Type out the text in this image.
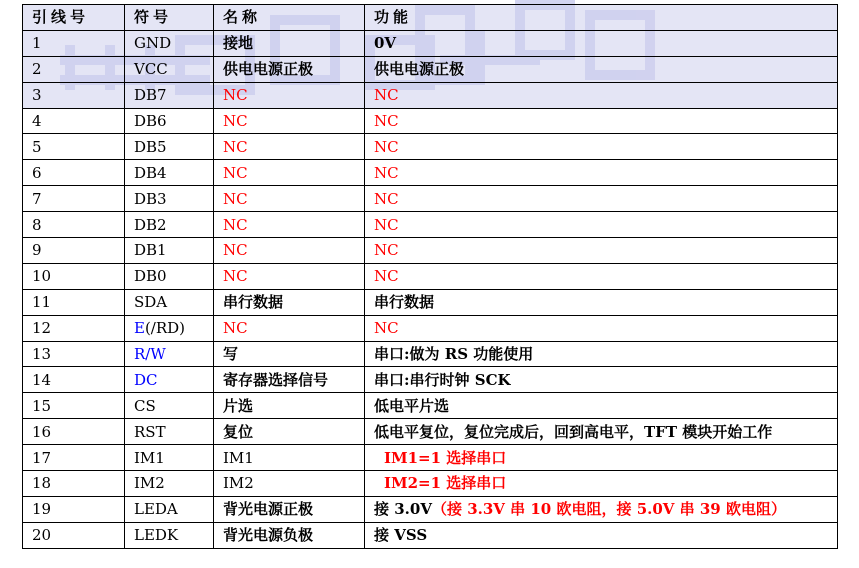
引线号	符号	名称	功能
1	GND	接地	0V
2	VCC	供电电源正极	供电电源正极
3	DB7	NC	NC
4	DB6	NC	NC
5	DB5	NC	NC
6	DB4	NC	NC
7	DB3	NC	NC
8	DB2	NC	NC
9	DB1	NC	NC
10	DB0	NC	NC
11	SDA	串行数据	串行数据
12	E(/RD)	NC	NC
13	R/W	写	串口:做为 RS 功能使用
14	DC	寄存器选择信号	串口:串行时钟 SCK
15	CS	片选	低电平片选
16	RST	复位	低电平复位，复位完成后，回到高电平，TFT 模块开始工作
17	IM1	IM1	IM1=1 选择串口
18	IM2	IM2	IM2=1 选择串口
19	LEDA	背光电源正极	接 3.0V（接 3.3V 串 10 欧电阻，接 5.0V 串 39 欧电阻）
20	LEDK	背光电源负极	接 VSS
